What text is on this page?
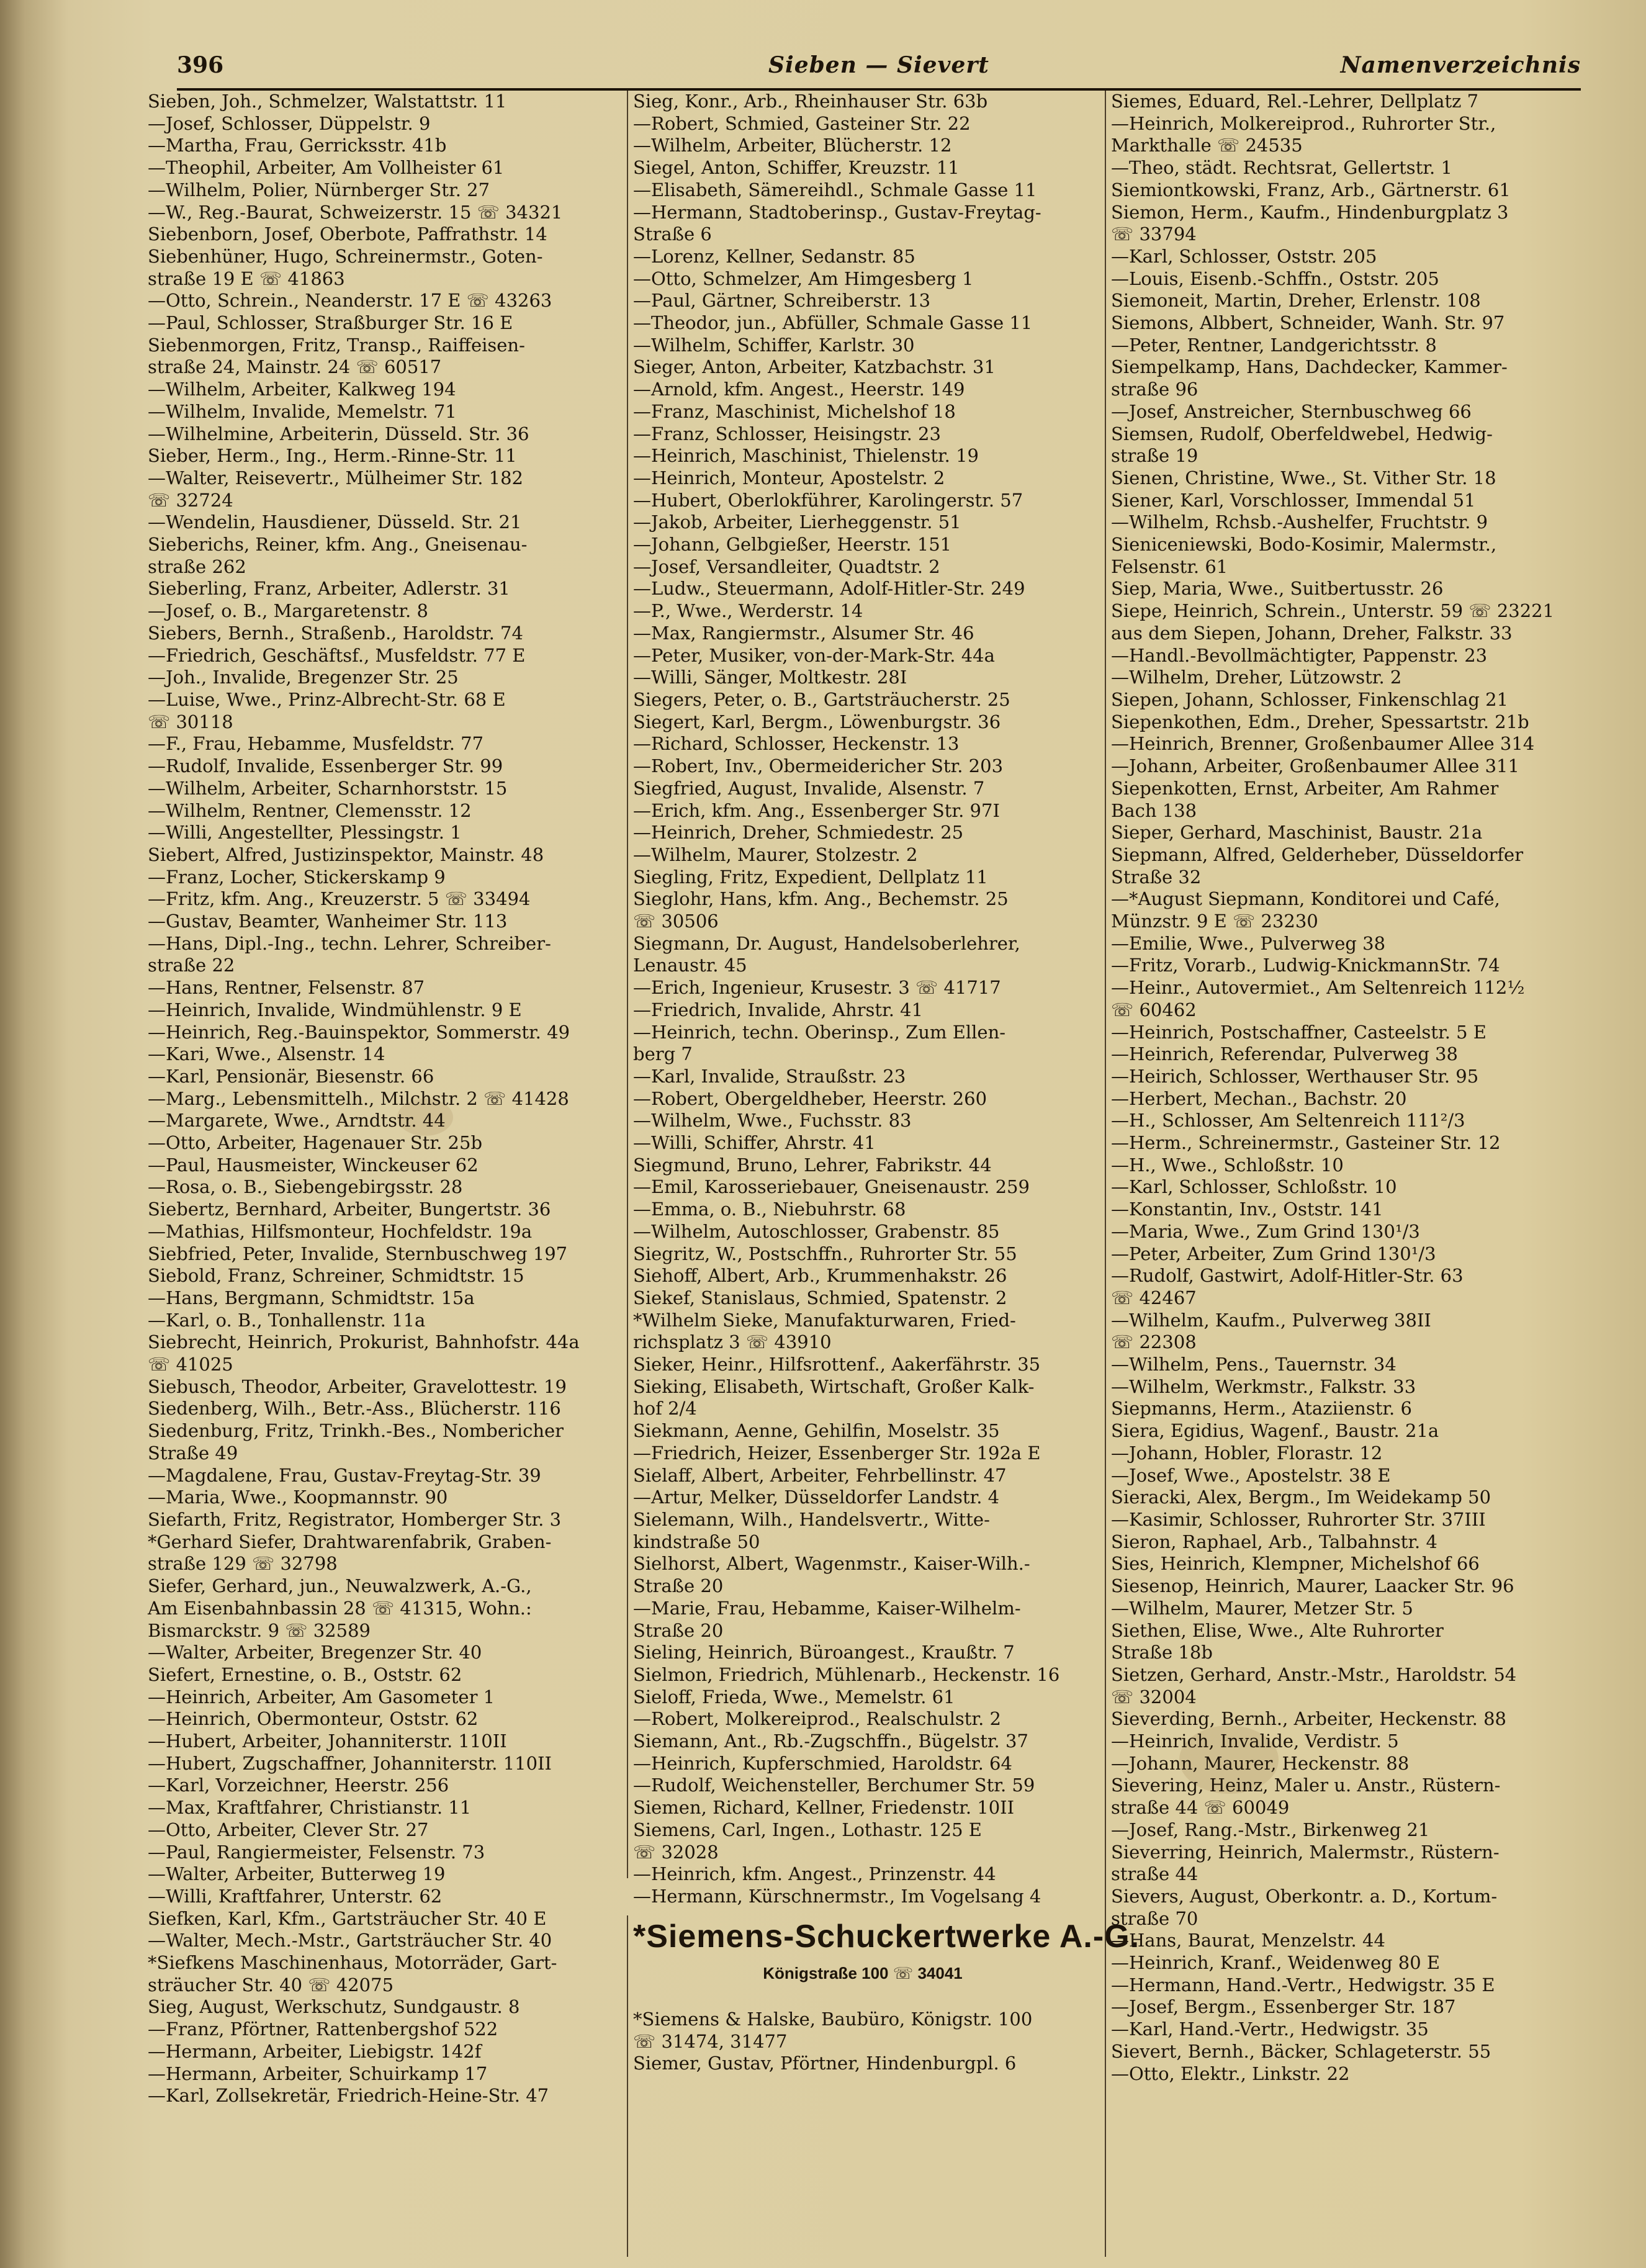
396	Sieben — Sievert	Namenverzeichnis
Sieben, Joh., Schmelzer, Walstattstr. 11
—Josef, Schlosser, Düppelstr. 9
—Martha, Frau, Gerricksstr. 41b
—Theophil, Arbeiter, Am Vollheister 61
—Wilhelm, Polier, Nürnberger Str. 27
—W., Reg.-Baurat, Schweizerstr. 15 ☏ 34321
Siebenborn, Josef, Oberbote, Paffrathstr. 14
Siebenhüner, Hugo, Schreinermstr., Goten-
straße 19 E ☏ 41863
—Otto, Schrein., Neanderstr. 17 E ☏ 43263
—Paul, Schlosser, Straßburger Str. 16 E
Siebenmorgen, Fritz, Transp., Raiffeisen-
straße 24, Mainstr. 24 ☏ 60517
—Wilhelm, Arbeiter, Kalkweg 194
—Wilhelm, Invalide, Memelstr. 71
—Wilhelmine, Arbeiterin, Düsseld. Str. 36
Sieber, Herm., Ing., Herm.-Rinne-Str. 11
—Walter, Reisevertr., Mülheimer Str. 182
☏ 32724
—Wendelin, Hausdiener, Düsseld. Str. 21
Sieberichs, Reiner, kfm. Ang., Gneisenau-
straße 262
Sieberling, Franz, Arbeiter, Adlerstr. 31
—Josef, o. B., Margaretenstr. 8
Siebers, Bernh., Straßenb., Haroldstr. 74
—Friedrich, Geschäftsf., Musfeldstr. 77 E
—Joh., Invalide, Bregenzer Str. 25
—Luise, Wwe., Prinz-Albrecht-Str. 68 E
☏ 30118
—F., Frau, Hebamme, Musfeldstr. 77
—Rudolf, Invalide, Essenberger Str. 99
—Wilhelm, Arbeiter, Scharnhorststr. 15
—Wilhelm, Rentner, Clemensstr. 12
—Willi, Angestellter, Plessingstr. 1
Siebert, Alfred, Justizinspektor, Mainstr. 48
—Franz, Locher, Stickerskamp 9
—Fritz, kfm. Ang., Kreuzerstr. 5 ☏ 33494
—Gustav, Beamter, Wanheimer Str. 113
—Hans, Dipl.-Ing., techn. Lehrer, Schreiber-
straße 22
—Hans, Rentner, Felsenstr. 87
—Heinrich, Invalide, Windmühlenstr. 9 E
—Heinrich, Reg.-Bauinspektor, Sommerstr. 49
—Kari, Wwe., Alsenstr. 14
—Karl, Pensionär, Biesenstr. 66
—Marg., Lebensmittelh., Milchstr. 2 ☏ 41428
—Margarete, Wwe., Arndtstr. 44
—Otto, Arbeiter, Hagenauer Str. 25b
—Paul, Hausmeister, Winckeuser 62
—Rosa, o. B., Siebengebirgsstr. 28
Siebertz, Bernhard, Arbeiter, Bungertstr. 36
—Mathias, Hilfsmonteur, Hochfeldstr. 19a
Siebfried, Peter, Invalide, Sternbuschweg 197
Siebold, Franz, Schreiner, Schmidtstr. 15
—Hans, Bergmann, Schmidtstr. 15a
—Karl, o. B., Tonhallenstr. 11a
Siebrecht, Heinrich, Prokurist, Bahnhofstr. 44a
☏ 41025
Siebusch, Theodor, Arbeiter, Gravelottestr. 19
Siedenberg, Wilh., Betr.-Ass., Blücherstr. 116
Siedenburg, Fritz, Trinkh.-Bes., Nombericher
Straße 49
—Magdalene, Frau, Gustav-Freytag-Str. 39
—Maria, Wwe., Koopmannstr. 90
Siefarth, Fritz, Registrator, Homberger Str. 3
*Gerhard Siefer, Drahtwarenfabrik, Graben-
straße 129 ☏ 32798
Siefer, Gerhard, jun., Neuwalzwerk, A.-G.,
Am Eisenbahnbassin 28 ☏ 41315, Wohn.:
Bismarckstr. 9 ☏ 32589
—Walter, Arbeiter, Bregenzer Str. 40
Siefert, Ernestine, o. B., Oststr. 62
—Heinrich, Arbeiter, Am Gasometer 1
—Heinrich, Obermonteur, Oststr. 62
—Hubert, Arbeiter, Johanniterstr. 110II
—Hubert, Zugschaffner, Johanniterstr. 110II
—Karl, Vorzeichner, Heerstr. 256
—Max, Kraftfahrer, Christianstr. 11
—Otto, Arbeiter, Clever Str. 27
—Paul, Rangiermeister, Felsenstr. 73
—Walter, Arbeiter, Butterweg 19
—Willi, Kraftfahrer, Unterstr. 62
Siefken, Karl, Kfm., Gartsträucher Str. 40 E
—Walter, Mech.-Mstr., Gartsträucher Str. 40
*Siefkens Maschinenhaus, Motorräder, Gart-
sträucher Str. 40 ☏ 42075
Sieg, August, Werkschutz, Sundgaustr. 8
—Franz, Pförtner, Rattenbergshof 522
—Hermann, Arbeiter, Liebigstr. 142f
—Hermann, Arbeiter, Schuirkamp 17
—Karl, Zollsekretär, Friedrich-Heine-Str. 47
Sieg, Konr., Arb., Rheinhauser Str. 63b
—Robert, Schmied, Gasteiner Str. 22
—Wilhelm, Arbeiter, Blücherstr. 12
Siegel, Anton, Schiffer, Kreuzstr. 11
—Elisabeth, Sämereihdl., Schmale Gasse 11
—Hermann, Stadtoberinsp., Gustav-Freytag-
Straße 6
—Lorenz, Kellner, Sedanstr. 85
—Otto, Schmelzer, Am Himgesberg 1
—Paul, Gärtner, Schreiberstr. 13
—Theodor, jun., Abfüller, Schmale Gasse 11
—Wilhelm, Schiffer, Karlstr. 30
Sieger, Anton, Arbeiter, Katzbachstr. 31
—Arnold, kfm. Angest., Heerstr. 149
—Franz, Maschinist, Michelshof 18
—Franz, Schlosser, Heisingstr. 23
—Heinrich, Maschinist, Thielenstr. 19
—Heinrich, Monteur, Apostelstr. 2
—Hubert, Oberlokführer, Karolingerstr. 57
—Jakob, Arbeiter, Lierheggenstr. 51
—Johann, Gelbgießer, Heerstr. 151
—Josef, Versandleiter, Quadtstr. 2
—Ludw., Steuermann, Adolf-Hitler-Str. 249
—P., Wwe., Werderstr. 14
—Max, Rangiermstr., Alsumer Str. 46
—Peter, Musiker, von-der-Mark-Str. 44a
—Willi, Sänger, Moltkestr. 28I
Siegers, Peter, o. B., Gartsträucherstr. 25
Siegert, Karl, Bergm., Löwenburgstr. 36
—Richard, Schlosser, Heckenstr. 13
—Robert, Inv., Obermeidericher Str. 203
Siegfried, August, Invalide, Alsenstr. 7
—Erich, kfm. Ang., Essenberger Str. 97I
—Heinrich, Dreher, Schmiedestr. 25
—Wilhelm, Maurer, Stolzestr. 2
Siegling, Fritz, Expedient, Dellplatz 11
Sieglohr, Hans, kfm. Ang., Bechemstr. 25
☏ 30506
Siegmann, Dr. August, Handelsoberlehrer,
Lenaustr. 45
—Erich, Ingenieur, Krusestr. 3 ☏ 41717
—Friedrich, Invalide, Ahrstr. 41
—Heinrich, techn. Oberinsp., Zum Ellen-
berg 7
—Karl, Invalide, Straußstr. 23
—Robert, Obergeldheber, Heerstr. 260
—Wilhelm, Wwe., Fuchsstr. 83
—Willi, Schiffer, Ahrstr. 41
Siegmund, Bruno, Lehrer, Fabrikstr. 44
—Emil, Karosseriebauer, Gneisenaustr. 259
—Emma, o. B., Niebuhrstr. 68
—Wilhelm, Autoschlosser, Grabenstr. 85
Siegritz, W., Postschffn., Ruhrorter Str. 55
Siehoff, Albert, Arb., Krummenhakstr. 26
Siekef, Stanislaus, Schmied, Spatenstr. 2
*Wilhelm Sieke, Manufakturwaren, Fried-
richsplatz 3 ☏ 43910
Sieker, Heinr., Hilfsrottenf., Aakerfährstr. 35
Sieking, Elisabeth, Wirtschaft, Großer Kalk-
hof 2/4
Siekmann, Aenne, Gehilfin, Moselstr. 35
—Friedrich, Heizer, Essenberger Str. 192a E
Sielaff, Albert, Arbeiter, Fehrbellinstr. 47
—Artur, Melker, Düsseldorfer Landstr. 4
Sielemann, Wilh., Handelsvertr., Witte-
kindstraße 50
Sielhorst, Albert, Wagenmstr., Kaiser-Wilh.-
Straße 20
—Marie, Frau, Hebamme, Kaiser-Wilhelm-
Straße 20
Sieling, Heinrich, Büroangest., Kraußtr. 7
Sielmon, Friedrich, Mühlenarb., Heckenstr. 16
Sieloff, Frieda, Wwe., Memelstr. 61
—Robert, Molkereiprod., Realschulstr. 2
Siemann, Ant., Rb.-Zugschffn., Bügelstr. 37
—Heinrich, Kupferschmied, Haroldstr. 64
—Rudolf, Weichensteller, Berchumer Str. 59
Siemen, Richard, Kellner, Friedenstr. 10II
Siemens, Carl, Ingen., Lothastr. 125 E
☏ 32028
—Heinrich, kfm. Angest., Prinzenstr. 44
—Hermann, Kürschnermstr., Im Vogelsang 4
*Siemens-Schuckertwerke A.-G.
Königstraße 100 ☏ 34041
*Siemens & Halske, Baubüro, Königstr. 100
☏ 31474, 31477
Siemer, Gustav, Pförtner, Hindenburgpl. 6
Siemes, Eduard, Rel.-Lehrer, Dellplatz 7
—Heinrich, Molkereiprod., Ruhrorter Str.,
Markthalle ☏ 24535
—Theo, städt. Rechtsrat, Gellertstr. 1
Siemiontkowski, Franz, Arb., Gärtnerstr. 61
Siemon, Herm., Kaufm., Hindenburgplatz 3
☏ 33794
—Karl, Schlosser, Oststr. 205
—Louis, Eisenb.-Schffn., Oststr. 205
Siemoneit, Martin, Dreher, Erlenstr. 108
Siemons, Albbert, Schneider, Wanh. Str. 97
—Peter, Rentner, Landgerichtsstr. 8
Siempelkamp, Hans, Dachdecker, Kammer-
straße 96
—Josef, Anstreicher, Sternbuschweg 66
Siemsen, Rudolf, Oberfeldwebel, Hedwig-
straße 19
Sienen, Christine, Wwe., St. Vither Str. 18
Siener, Karl, Vorschlosser, Immendal 51
—Wilhelm, Rchsb.-Aushelfer, Fruchtstr. 9
Sieniceniewski, Bodo-Kosimir, Malermstr.,
Felsenstr. 61
Siep, Maria, Wwe., Suitbertusstr. 26
Siepe, Heinrich, Schrein., Unterstr. 59 ☏ 23221
aus dem Siepen, Johann, Dreher, Falkstr. 33
—Handl.-Bevollmächtigter, Pappenstr. 23
—Wilhelm, Dreher, Lützowstr. 2
Siepen, Johann, Schlosser, Finkenschlag 21
Siepenkothen, Edm., Dreher, Spessartstr. 21b
—Heinrich, Brenner, Großenbaumer Allee 314
—Johann, Arbeiter, Großenbaumer Allee 311
Siepenkotten, Ernst, Arbeiter, Am Rahmer
Bach 138
Sieper, Gerhard, Maschinist, Baustr. 21a
Siepmann, Alfred, Gelderheber, Düsseldorfer
Straße 32
—*August Siepmann, Konditorei und Café,
Münzstr. 9 E ☏ 23230
—Emilie, Wwe., Pulverweg 38
—Fritz, Vorarb., Ludwig-KnickmannStr. 74
—Heinr., Autovermiet., Am Seltenreich 112½
☏ 60462
—Heinrich, Postschaffner, Casteelstr. 5 E
—Heinrich, Referendar, Pulverweg 38
—Heirich, Schlosser, Werthauser Str. 95
—Herbert, Mechan., Bachstr. 20
—H., Schlosser, Am Seltenreich 111²/3
—Herm., Schreinermstr., Gasteiner Str. 12
—H., Wwe., Schloßstr. 10
—Karl, Schlosser, Schloßstr. 10
—Konstantin, Inv., Oststr. 141
—Maria, Wwe., Zum Grind 130¹/3
—Peter, Arbeiter, Zum Grind 130¹/3
—Rudolf, Gastwirt, Adolf-Hitler-Str. 63
☏ 42467
—Wilhelm, Kaufm., Pulverweg 38II
☏ 22308
—Wilhelm, Pens., Tauernstr. 34
—Wilhelm, Werkmstr., Falkstr. 33
Siepmanns, Herm., Ataziienstr. 6
Siera, Egidius, Wagenf., Baustr. 21a
—Johann, Hobler, Florastr. 12
—Josef, Wwe., Apostelstr. 38 E
Sieracki, Alex, Bergm., Im Weidekamp 50
—Kasimir, Schlosser, Ruhrorter Str. 37III
Sieron, Raphael, Arb., Talbahnstr. 4
Sies, Heinrich, Klempner, Michelshof 66
Siesenop, Heinrich, Maurer, Laacker Str. 96
—Wilhelm, Maurer, Metzer Str. 5
Siethen, Elise, Wwe., Alte Ruhrorter
Straße 18b
Sietzen, Gerhard, Anstr.-Mstr., Haroldstr. 54
☏ 32004
Sieverding, Bernh., Arbeiter, Heckenstr. 88
—Heinrich, Invalide, Verdistr. 5
—Johann, Maurer, Heckenstr. 88
Sievering, Heinz, Maler u. Anstr., Rüstern-
straße 44 ☏ 60049
—Josef, Rang.-Mstr., Birkenweg 21
Sieverring, Heinrich, Malermstr., Rüstern-
straße 44
Sievers, August, Oberkontr. a. D., Kortum-
straße 70
—Hans, Baurat, Menzelstr. 44
—Heinrich, Kranf., Weidenweg 80 E
—Hermann, Hand.-Vertr., Hedwigstr. 35 E
—Josef, Bergm., Essenberger Str. 187
—Karl, Hand.-Vertr., Hedwigstr. 35
Sievert, Bernh., Bäcker, Schlageterstr. 55
—Otto, Elektr., Linkstr. 22
